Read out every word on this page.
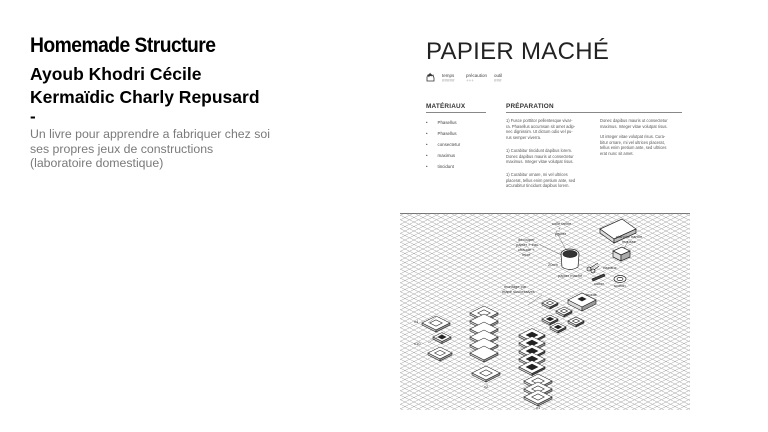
Homemade Structure
Ayoub Khodri Cécile Kermaïdic Charly Repusard
-
Un livre pour apprendre a fabriquer chez soi ses propres jeux de constructions (laboratoire domestique)
PAPIER MACHÉ
temps
#####
précaution
+++
outil
###
MATÉRIAUX	PRÉPARATION
• Phasellus
• Phasellus
• consectetur
• maximus
• tincidunt
1) Fusce porttitor pellentesque vivar-
ra. Phasellus accumsan sit amet adip-
nec dignissim. Ut dictum odio vel pu-
rus semper viverra.
1) Curabitur tincidunt dapibus lorem.
Donec dapibus mauris ut consectetur
maximus. Integer vitae volutpat risus.
1) Curabitur ornare, mi vel ultrices
placerat, tellus enim pretium ante, sed
aCurabitur tincidunt dapibus lorem.
Donec dapibus mauris ut consectetur
maximus. Integer vitae volutpat risus.
Ut integer vitae volutpat risus. Cura-
bitur ornare, mi vel ultrices placerat,
tellus enim pretium ante, sed ultrices
erat nunc sit amet.
colle farine + papier
découper papier + eau chaude + mixé
planche carton mousse
ciseaux
cutter scotch
papier maché
20cm
moule
montage par étape successives
x4
x10
x2
x1
